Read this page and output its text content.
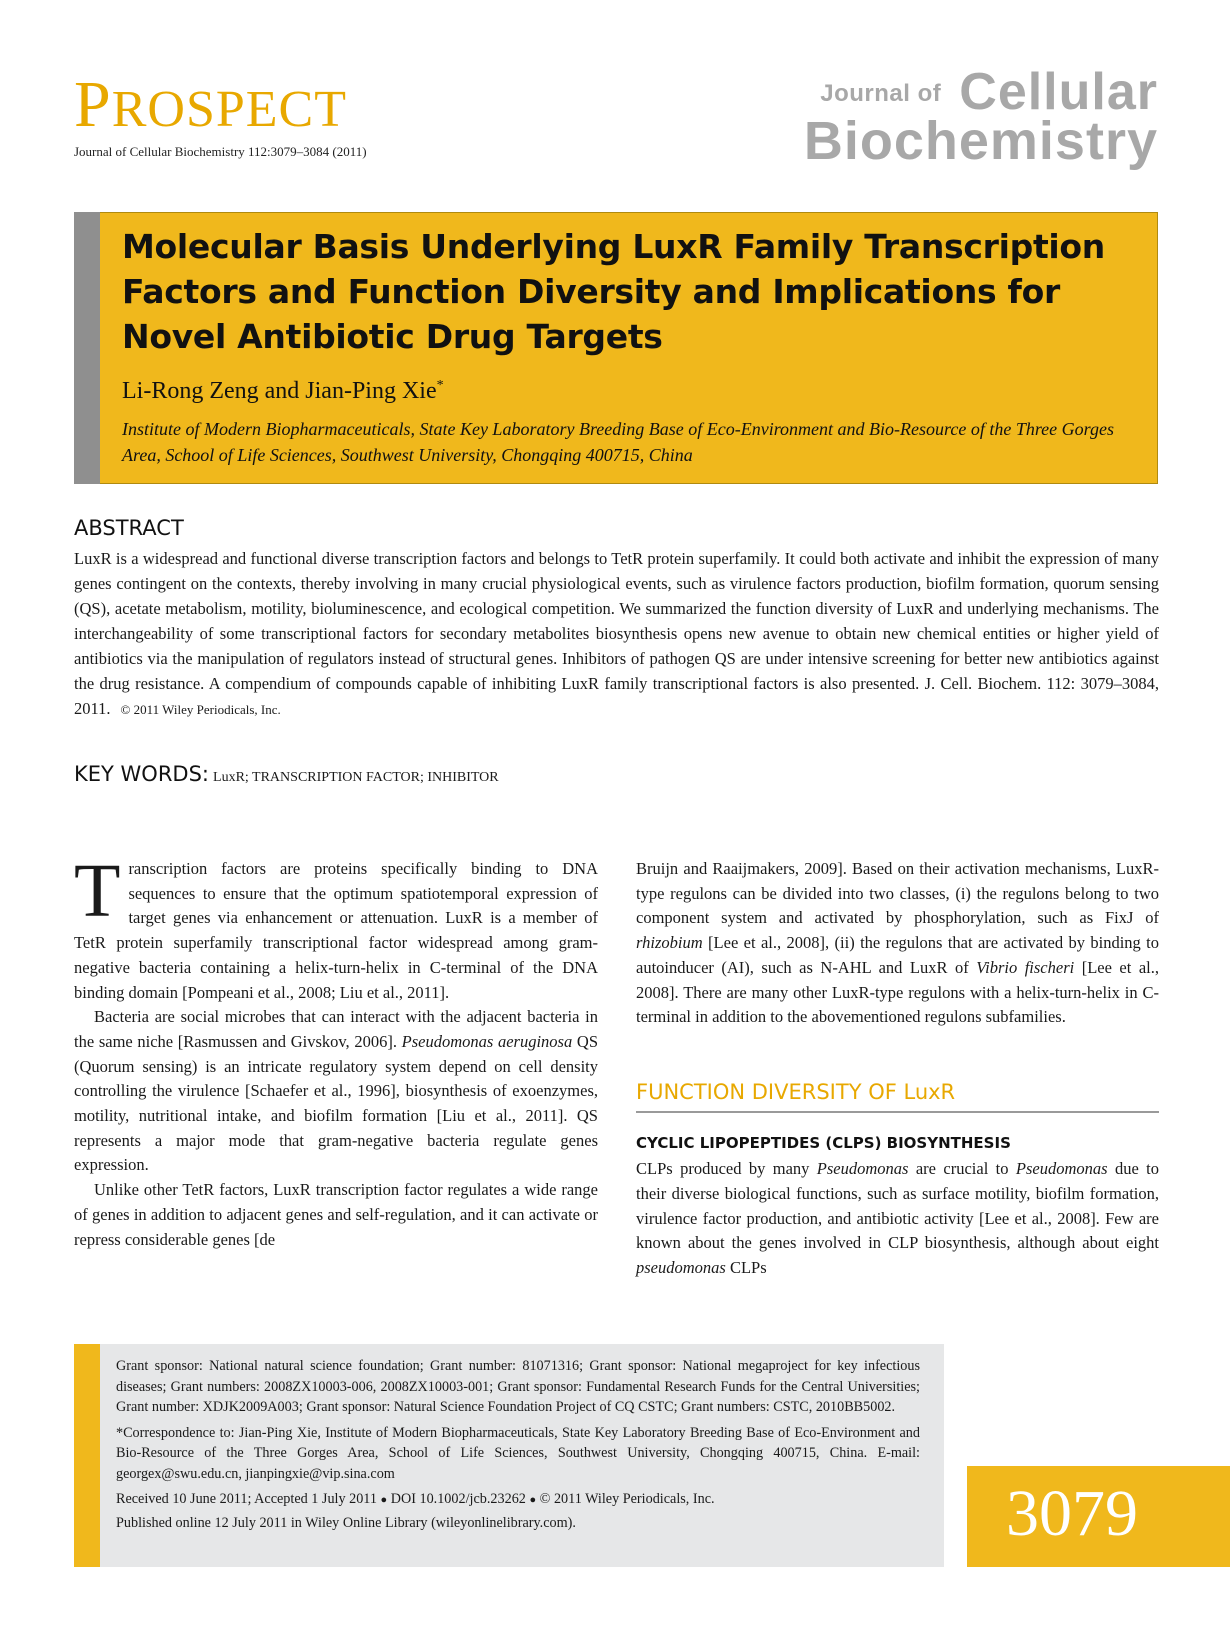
PROSPECT
Journal of Cellular Biochemistry 112:3079–3084 (2011)
Journal of Cellular
Biochemistry
Molecular Basis Underlying LuxR Family Transcription Factors and Function Diversity and Implications for Novel Antibiotic Drug Targets
Li-Rong Zeng and Jian-Ping Xie*
Institute of Modern Biopharmaceuticals, State Key Laboratory Breeding Base of Eco-Environment and Bio-Resource of the Three Gorges Area, School of Life Sciences, Southwest University, Chongqing 400715, China
ABSTRACT
LuxR is a widespread and functional diverse transcription factors and belongs to TetR protein superfamily. It could both activate and inhibit the expression of many genes contingent on the contexts, thereby involving in many crucial physiological events, such as virulence factors production, biofilm formation, quorum sensing (QS), acetate metabolism, motility, bioluminescence, and ecological competition. We summarized the function diversity of LuxR and underlying mechanisms. The interchangeability of some transcriptional factors for secondary metabolites biosynthesis opens new avenue to obtain new chemical entities or higher yield of antibiotics via the manipulation of regulators instead of structural genes. Inhibitors of pathogen QS are under intensive screening for better new antibiotics against the drug resistance. A compendium of compounds capable of inhibiting LuxR family transcriptional factors is also presented. J. Cell. Biochem. 112: 3079–3084, 2011. © 2011 Wiley Periodicals, Inc.
KEY WORDS: LuxR; TRANSCRIPTION FACTOR; INHIBITOR

Transcription factors are proteins specifically binding to DNA sequences to ensure that the optimum spatiotemporal expression of target genes via enhancement or attenuation. LuxR is a member of TetR protein superfamily transcriptional factor widespread among gram-negative bacteria containing a helix-turn-helix in C-terminal of the DNA binding domain [Pompeani et al., 2008; Liu et al., 2011].

Bacteria are social microbes that can interact with the adjacent bacteria in the same niche [Rasmussen and Givskov, 2006]. Pseudomonas aeruginosa QS (Quorum sensing) is an intricate regulatory system depend on cell density controlling the virulence [Schaefer et al., 1996], biosynthesis of exoenzymes, motility, nutritional intake, and biofilm formation [Liu et al., 2011]. QS represents a major mode that gram-negative bacteria regulate genes expression.

Unlike other TetR factors, LuxR transcription factor regulates a wide range of genes in addition to adjacent genes and self-regulation, and it can activate or repress considerable genes [de

Bruijn and Raaijmakers, 2009]. Based on their activation mechanisms, LuxR-type regulons can be divided into two classes, (i) the regulons belong to two component system and activated by phosphorylation, such as FixJ of rhizobium [Lee et al., 2008], (ii) the regulons that are activated by binding to autoinducer (AI), such as N-AHL and LuxR of Vibrio fischeri [Lee et al., 2008]. There are many other LuxR-type regulons with a helix-turn-helix in C-terminal in addition to the abovementioned regulons subfamilies.

FUNCTION DIVERSITY OF LuxR
CYCLIC LIPOPEPTIDES (CLPS) BIOSYNTHESIS

CLPs produced by many Pseudomonas are crucial to Pseudomonas due to their diverse biological functions, such as surface motility, biofilm formation, virulence factor production, and antibiotic activity [Lee et al., 2008]. Few are known about the genes involved in CLP biosynthesis, although about eight pseudomonas CLPs

Grant sponsor: National natural science foundation; Grant number: 81071316; Grant sponsor: National megaproject for key infectious diseases; Grant numbers: 2008ZX10003-006, 2008ZX10003-001; Grant sponsor: Fundamental Research Funds for the Central Universities; Grant number: XDJK2009A003; Grant sponsor: Natural Science Foundation Project of CQ CSTC; Grant numbers: CSTC, 2010BB5002.

*Correspondence to: Jian-Ping Xie, Institute of Modern Biopharmaceuticals, State Key Laboratory Breeding Base of Eco-Environment and Bio-Resource of the Three Gorges Area, School of Life Sciences, Southwest University, Chongqing 400715, China. E-mail: georgex@swu.edu.cn, jianpingxie@vip.sina.com

Received 10 June 2011; Accepted 1 July 2011 ● DOI 10.1002/jcb.23262 ● © 2011 Wiley Periodicals, Inc.

Published online 12 July 2011 in Wiley Online Library (wileyonlinelibrary.com).	3079
